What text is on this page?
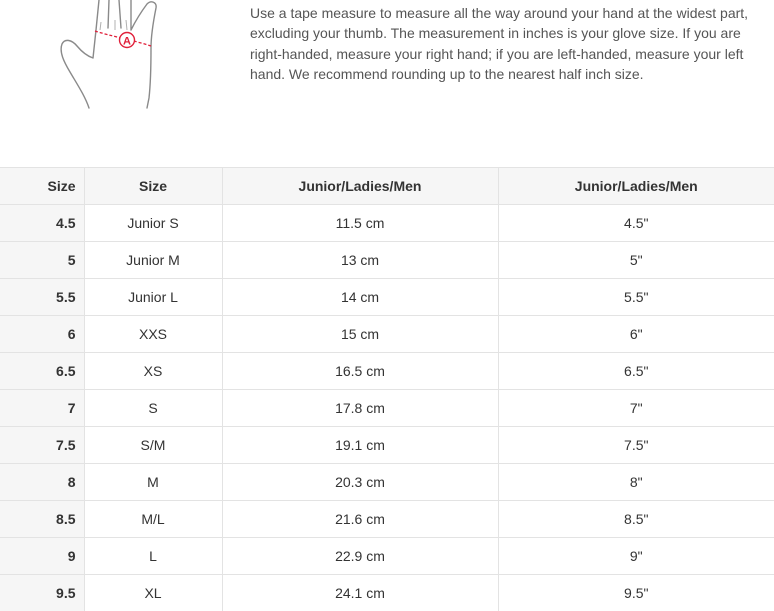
A

Use a tape measure to measure all the way around your hand at the widest part, excluding your thumb. The measurement in inches is your glove size. If you are right-handed, measure your right hand; if you are left-handed, measure your left hand. We recommend rounding up to the nearest half inch size.

Size	Size	Junior/Ladies/Men	Junior/Ladies/Men
4.5	Junior S	11.5 cm	4.5"
5	Junior M	13 cm	5"
5.5	Junior L	14 cm	5.5"
6	XXS	15 cm	6"
6.5	XS	16.5 cm	6.5"
7	S	17.8 cm	7"
7.5	S/M	19.1 cm	7.5"
8	M	20.3 cm	8"
8.5	M/L	21.6 cm	8.5"
9	L	22.9 cm	9"
9.5	XL	24.1 cm	9.5"
